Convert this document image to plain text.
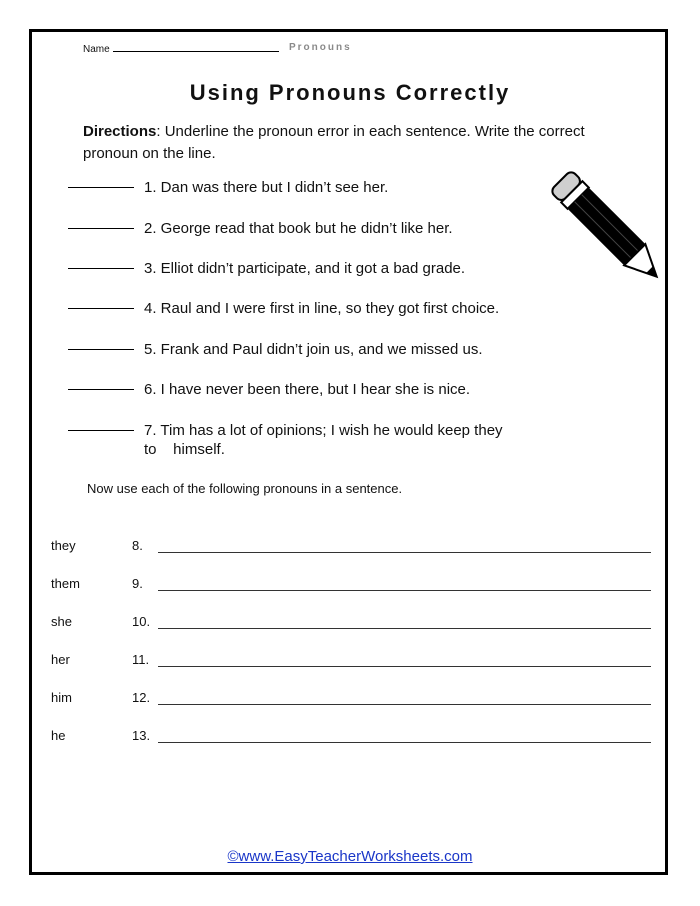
Name	Pronouns
Using Pronouns Correctly
Directions: Underline the pronoun error in each sentence. Write the correct pronoun on the line.
1. Dan was there but I didn’t see her.
2. George read that book but he didn’t like her.
3. Elliot didn’t participate, and it got a bad grade.
4. Raul and I were first in line, so they got first choice.
5. Frank and Paul didn’t join us, and we missed us.
6. I have never been there, but I hear she is nice.
7. Tim has a lot of opinions; I wish he would keep they to    himself.
Now use each of the following pronouns in a sentence.
they	8.
them	9.
she	10.
her	11.
him	12.
he	13.
©www.EasyTeacherWorksheets.com
